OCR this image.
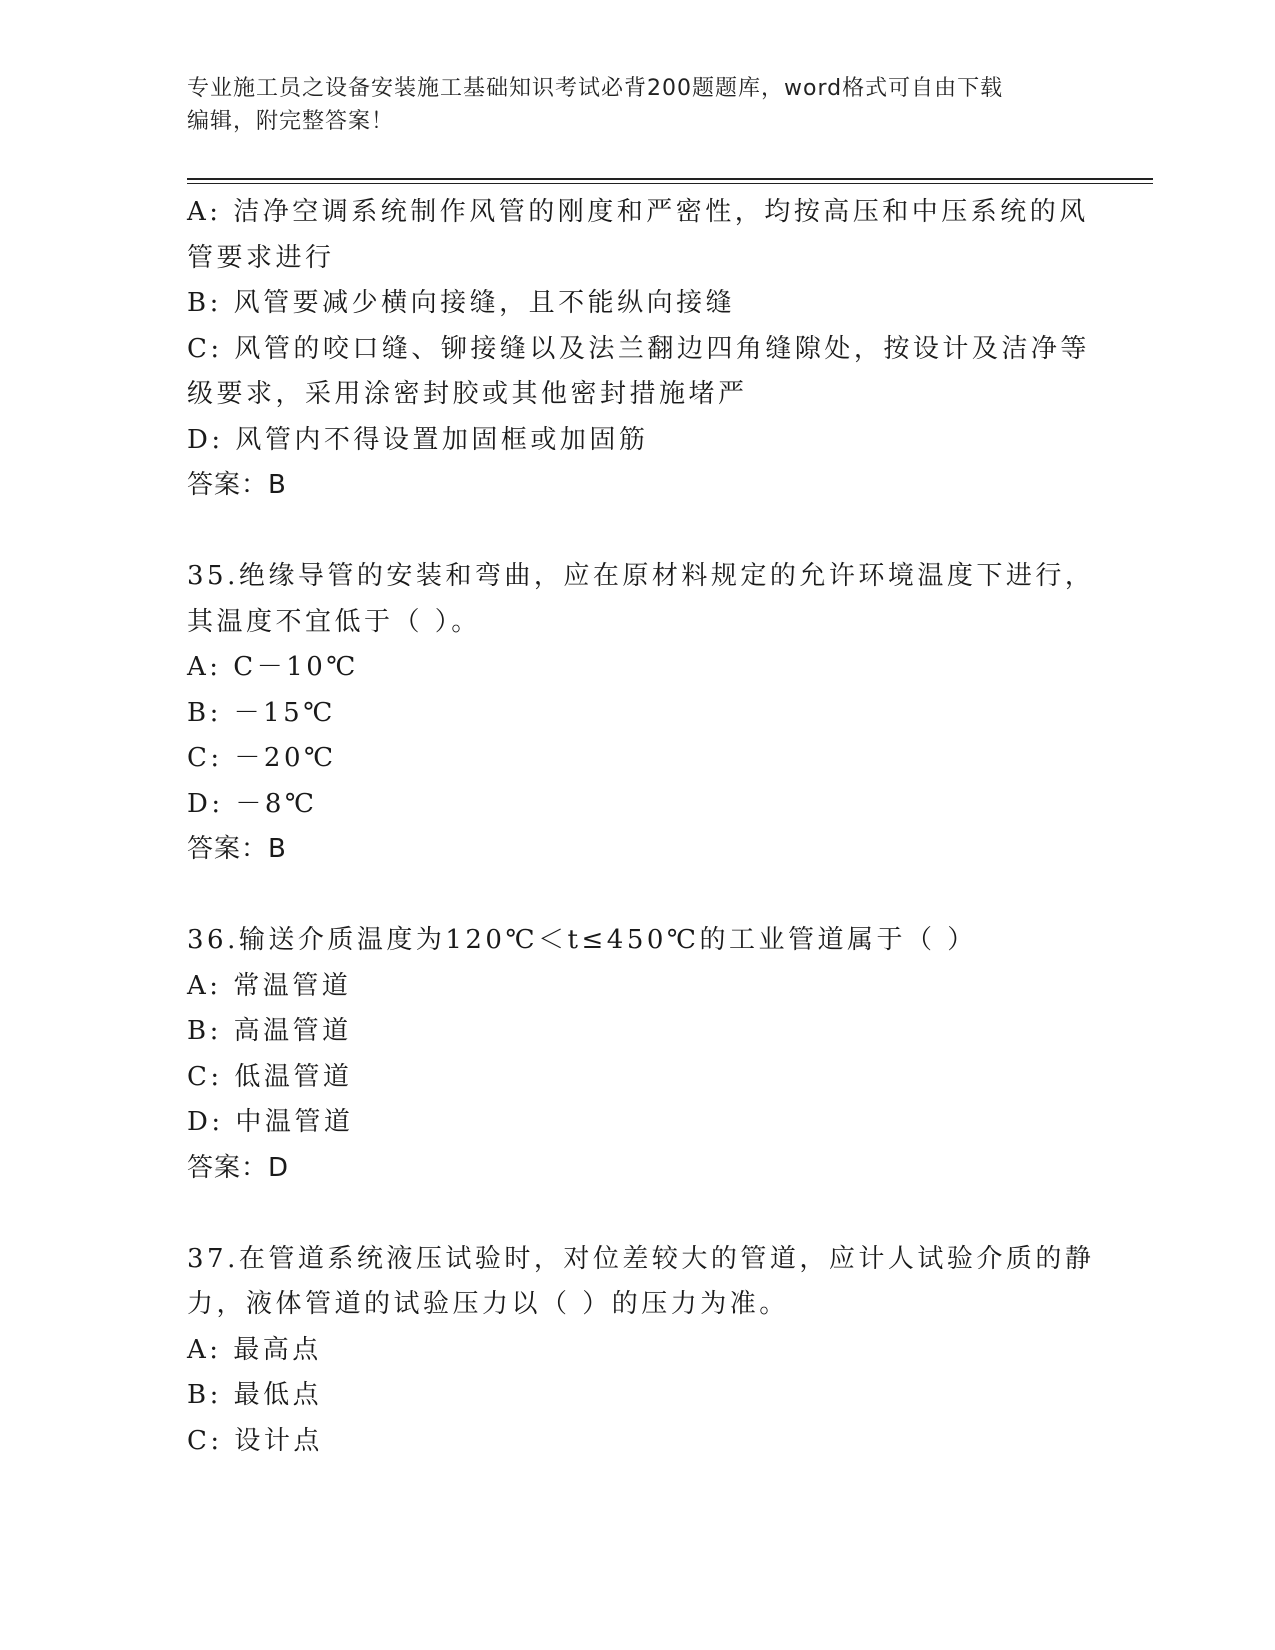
专业施工员之设备安装施工基础知识考试必背200题题库，word格式可自由下载
编辑，附完整答案！
A: 洁净空调系统制作风管的刚度和严密性，均按高压和中压系统的风
管要求进行
B: 风管要减少横向接缝，且不能纵向接缝
C: 风管的咬口缝、铆接缝以及法兰翻边四角缝隙处，按设计及洁净等
级要求，采用涂密封胶或其他密封措施堵严
D: 风管内不得设置加固框或加固筋
答案：B
35.绝缘导管的安装和弯曲，应在原材料规定的允许环境温度下进行，
其温度不宜低于（ ）。
A: C－10℃
B: －15℃
C: －20℃
D: －8℃
答案：B
36.输送介质温度为120℃＜t≤450℃的工业管道属于（ ）
A: 常温管道
B: 高温管道
C: 低温管道
D: 中温管道
答案：D
37.在管道系统液压试验时，对位差较大的管道，应计人试验介质的静
力，液体管道的试验压力以（ ）的压力为准。
A: 最高点
B: 最低点
C: 设计点
